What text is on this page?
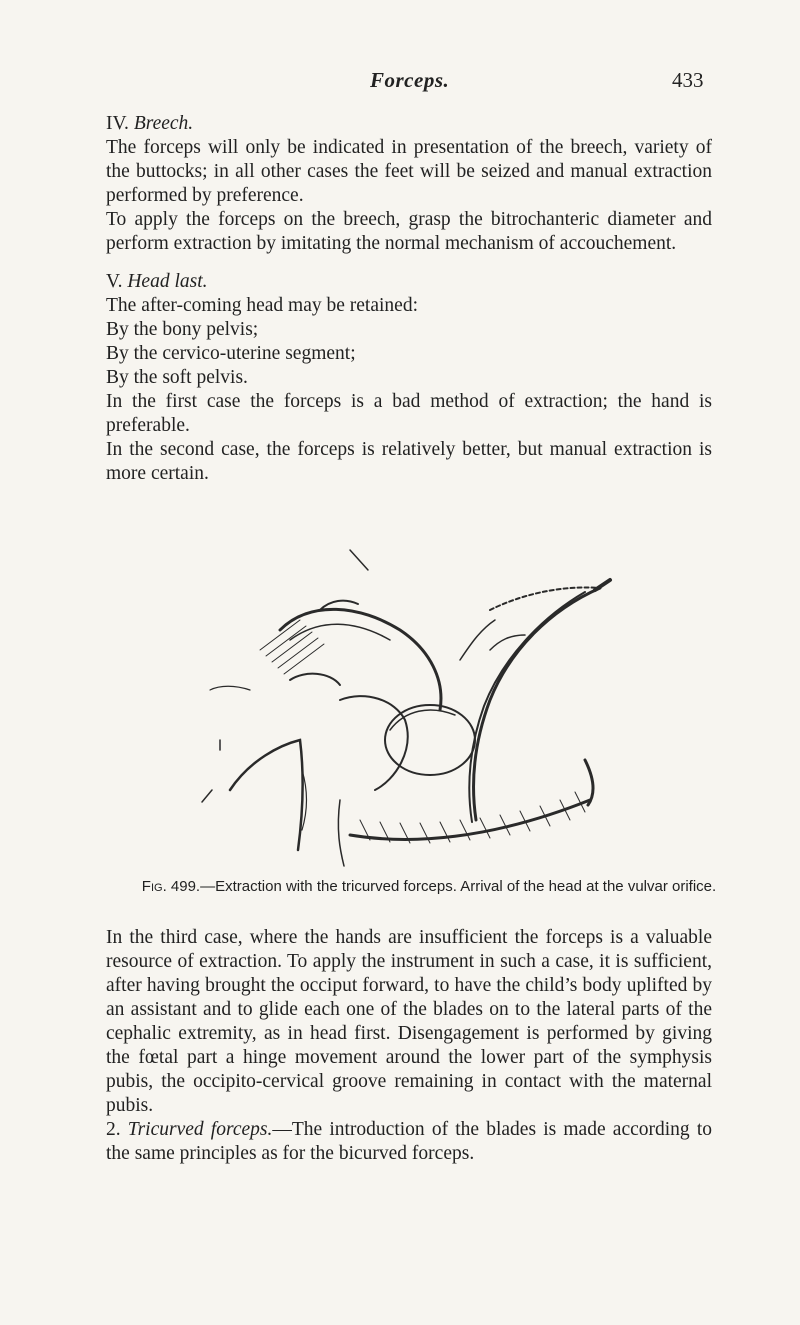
Forceps.	433

IV. Breech.

The forceps will only be indicated in presentation of the breech, variety of the buttocks; in all other cases the feet will be seized and manual extraction performed by preference.

To apply the forceps on the breech, grasp the bitrochanteric diameter and perform extraction by imitating the normal mechanism of accouchement.

V. Head last.

The after-coming head may be retained:

By the bony pelvis;

By the cervico-uterine segment;

By the soft pelvis.

In the first case the forceps is a bad method of extraction; the hand is preferable.

In the second case, the forceps is relatively better, but manual extraction is more certain.

Fig. 499.—Extraction with the tricurved forceps. Arrival of the head at the vulvar orifice.

In the third case, where the hands are insufficient the forceps is a valuable resource of extraction. To apply the instrument in such a case, it is sufficient, after having brought the occiput forward, to have the child’s body uplifted by an assistant and to glide each one of the blades on to the lateral parts of the cephalic extremity, as in head first. Disengagement is performed by giving the fœtal part a hinge movement around the lower part of the symphysis pubis, the occipito-cervical groove remaining in contact with the maternal pubis.

2. Tricurved forceps.—The introduction of the blades is made according to the same principles as for the bicurved forceps.
